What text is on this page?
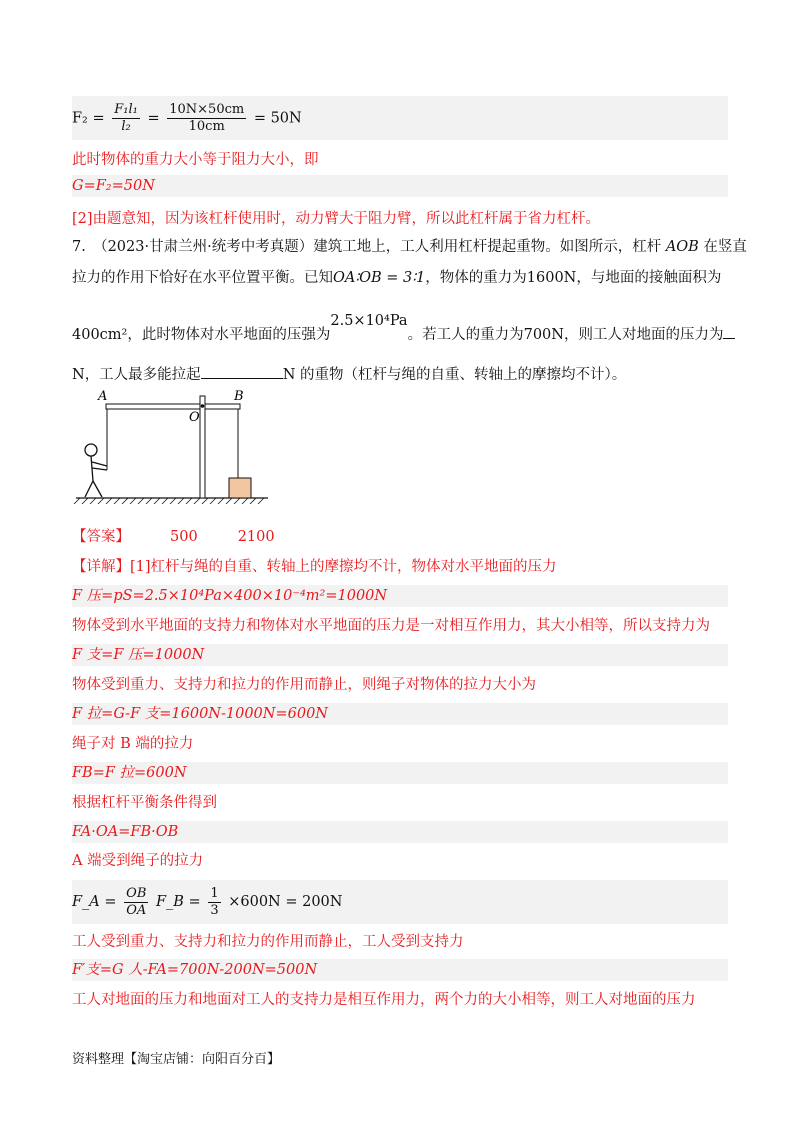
$F_2 = \frac{\text{F₁l₁}}{\text{l₂}} = \frac{10N\times 50cm}{10cm} = 50N$
此时物体的重力大小等于阻力大小，即
G=F₂=50N
[2]由题意知，因为该杠杆使用时，动力臂大于阻力臂，所以此杠杆属于省力杠杆。
7.　（2023·甘肃兰州·统考中考真题）建筑工地上，工人利用杠杆提起重物。如图所示，杠杆 AOB 在竖直
拉力的作用下恰好在水平位置平衡。已知OA∶OB = 3∶1，物体的重力为1600N，与地面的接触面积为
400cm²，此时物体对水平地面的压强为2.5×10⁴Pa。若工人的重力为700N，则工人对地面的压力为
N，工人最多能拉起	N 的重物（杠杆与绳的自重、转轴上的摩擦均不计）。
A	B
O
【答案】	500	2100
【详解】[1]杠杆与绳的自重、转轴上的摩擦均不计，物体对水平地面的压力
F 压=pS=2.5×10⁴Pa×400×10⁻⁴m²=1000N
物体受到水平地面的支持力和物体对水平地面的压力是一对相互作用力，其大小相等，所以支持力为
F 支=F 压=1000N
物体受到重力、支持力和拉力的作用而静止，则绳子对物体的拉力大小为
F 拉=G-F 支=1600N-1000N=600N
绳子对 B 端的拉力
FB=F 拉=600N
根据杠杆平衡条件得到
FA·OA=FB·OB
A 端受到绳子的拉力
F_A = $\frac{OB}{OA}$ F_B = $\frac{1}{3} \times 600N = 200N$
工人受到重力、支持力和拉力的作用而静止，工人受到支持力
F′支=G 人-FA=700N-200N=500N
工人对地面的压力和地面对工人的支持力是相互作用力，两个力的大小相等，则工人对地面的压力
资料整理【淘宝店铺：向阳百分百】
